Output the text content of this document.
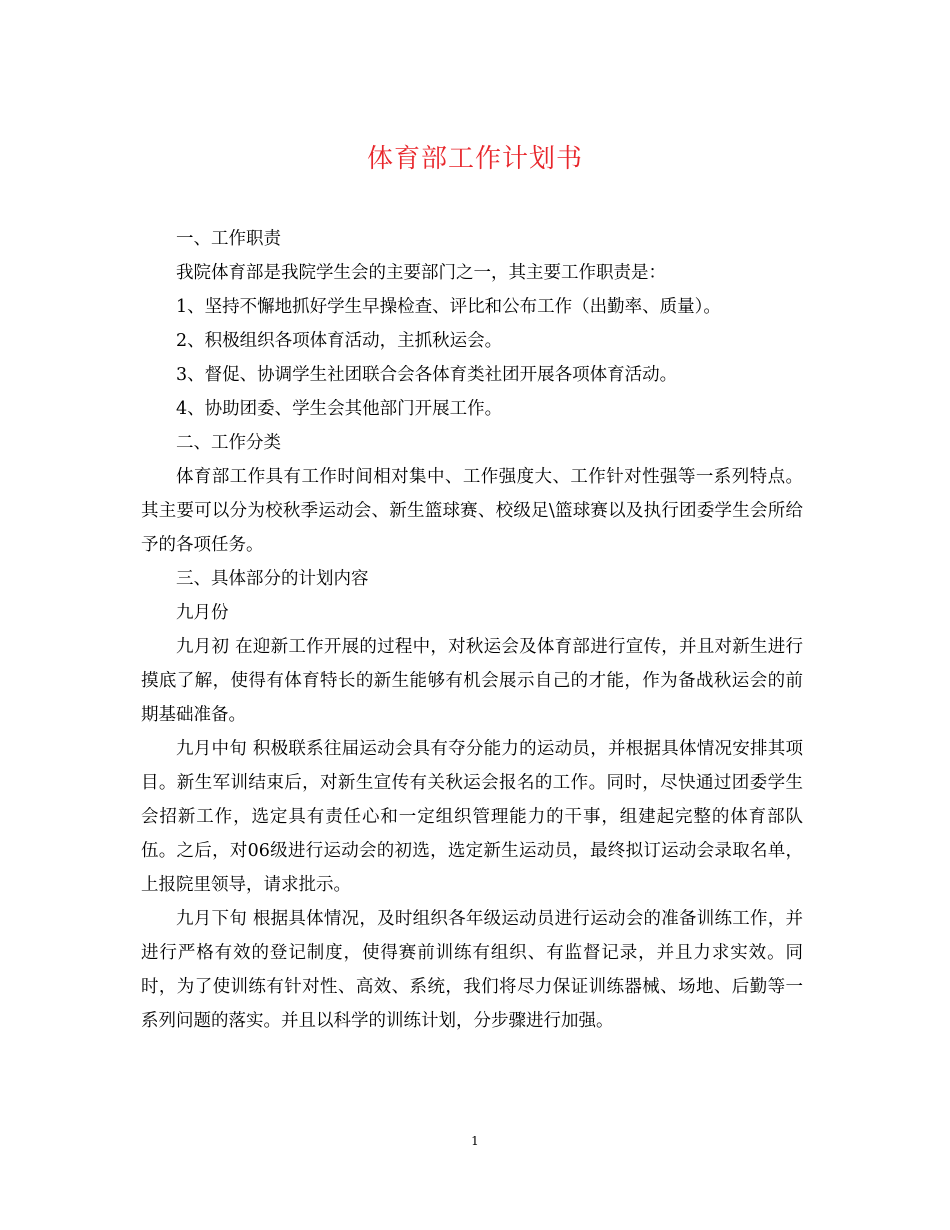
体育部工作计划书

一、工作职责

我院体育部是我院学生会的主要部门之一，其主要工作职责是：

1、坚持不懈地抓好学生早操检查、评比和公布工作（出勤率、质量）。

2、积极组织各项体育活动，主抓秋运会。

3、督促、协调学生社团联合会各体育类社团开展各项体育活动。

4、协助团委、学生会其他部门开展工作。

二、工作分类

体育部工作具有工作时间相对集中、工作强度大、工作针对性强等一系列特点。其主要可以分为校秋季运动会、新生篮球赛、校级足\篮球赛以及执行团委学生会所给予的各项任务。

三、具体部分的计划内容

九月份

九月初 在迎新工作开展的过程中，对秋运会及体育部进行宣传，并且对新生进行摸底了解，使得有体育特长的新生能够有机会展示自己的才能，作为备战秋运会的前期基础准备。

九月中旬 积极联系往届运动会具有夺分能力的运动员，并根据具体情况安排其项目。新生军训结束后，对新生宣传有关秋运会报名的工作。同时，尽快通过团委学生会招新工作，选定具有责任心和一定组织管理能力的干事，组建起完整的体育部队伍。之后，对06级进行运动会的初选，选定新生运动员，最终拟订运动会录取名单，上报院里领导，请求批示。

九月下旬 根据具体情况，及时组织各年级运动员进行运动会的准备训练工作，并进行严格有效的登记制度，使得赛前训练有组织、有监督记录，并且力求实效。同时，为了使训练有针对性、高效、系统，我们将尽力保证训练器械、场地、后勤等一系列问题的落实。并且以科学的训练计划，分步骤进行加强。

1
